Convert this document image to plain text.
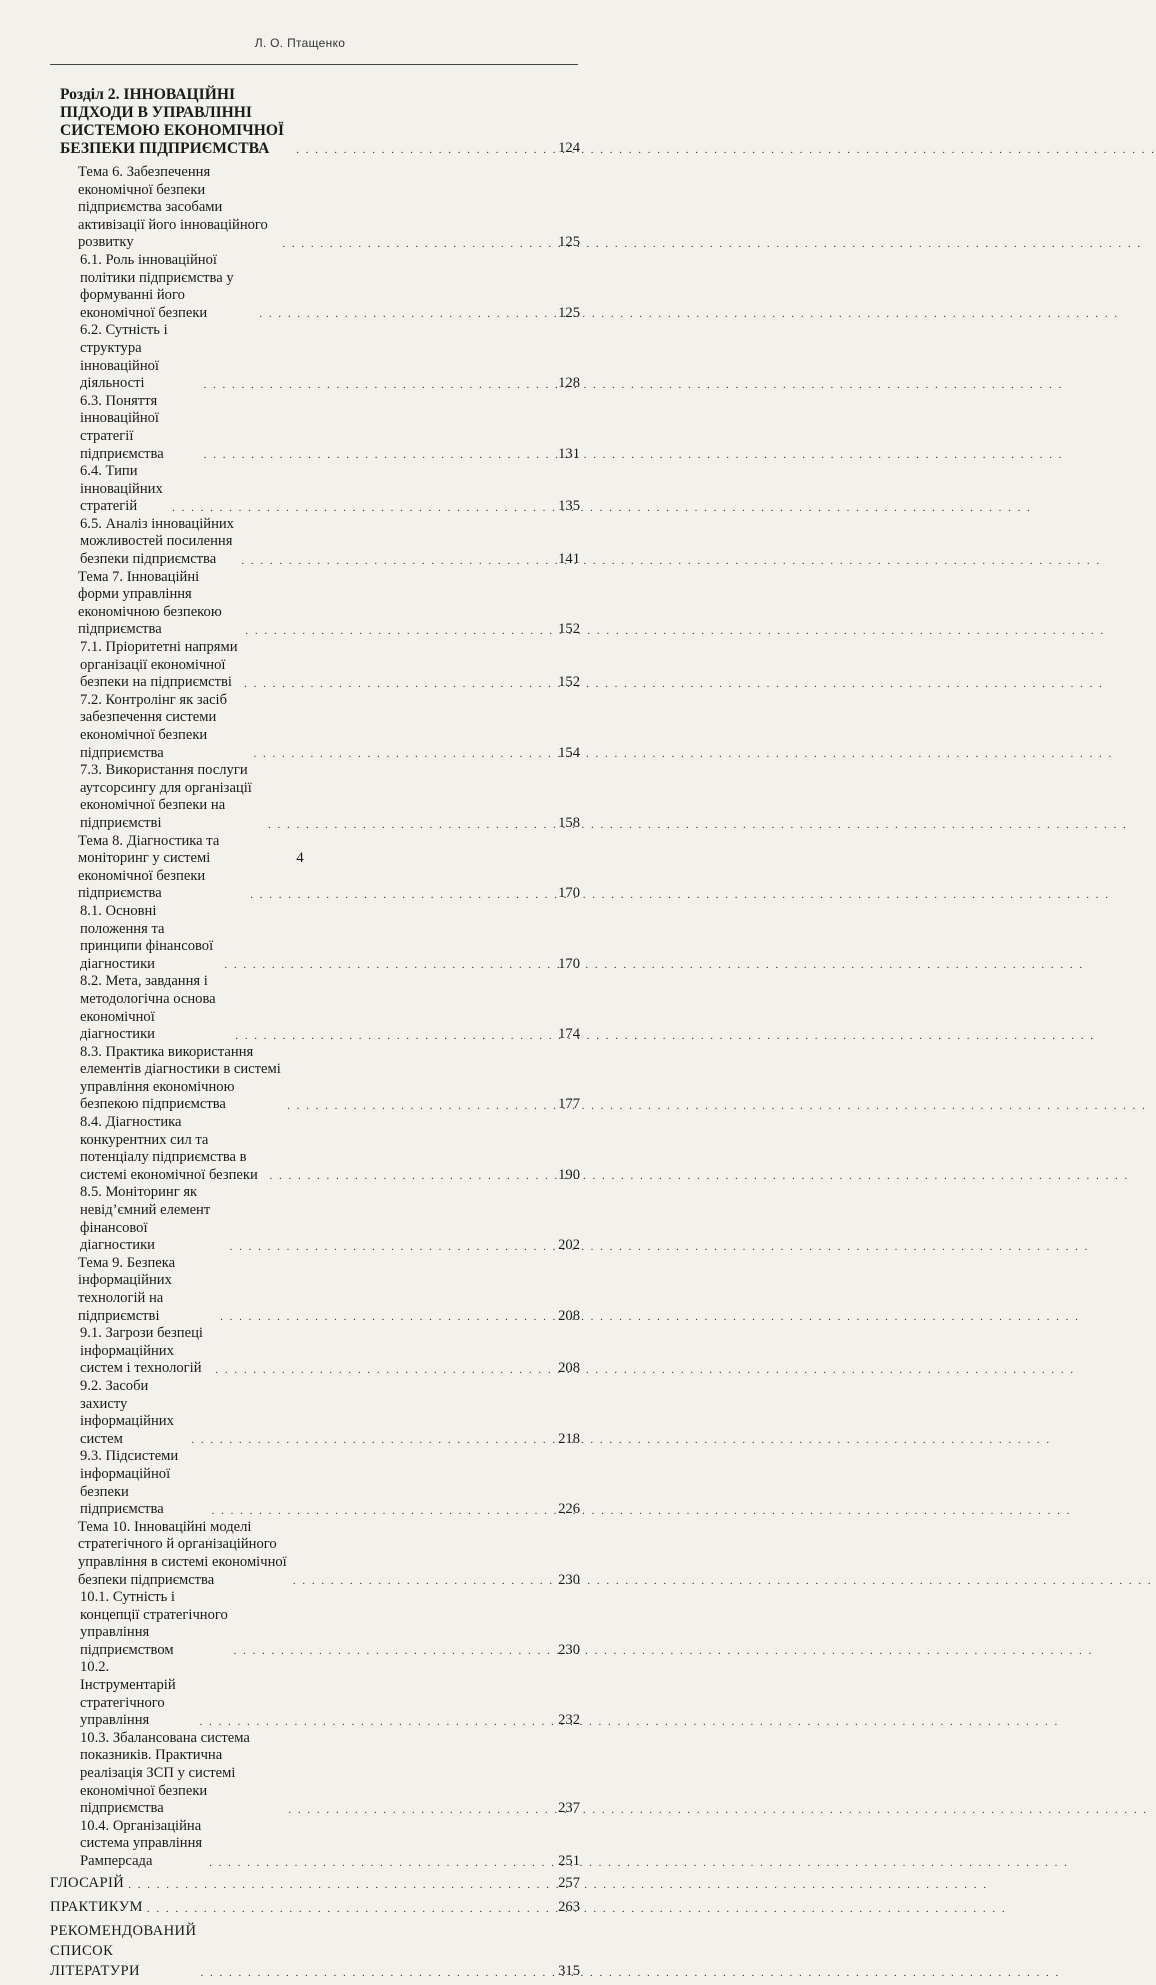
Л. О. Птащенко
Розділ 2. ІННОВАЦІЙНІ ПІДХОДИ В УПРАВЛІННІ СИСТЕМОЮ ЕКОНОМІЧНОЇ БЕЗПЕКИ ПІДПРИЄМСТВА . . .	124
Тема 6. Забезпечення економічної безпеки підприємства засобами активізації його інноваційного розвитку . . .	125
6.1. Роль інноваційної політики підприємства у формуванні його економічної безпеки . . .	125
6.2. Сутність і структура інноваційної діяльності . . .	128
6.3. Поняття інноваційної стратегії підприємства . . .	131
6.4. Типи інноваційних стратегій . . .	135
6.5. Аналіз інноваційних можливостей посилення безпеки підприємства . . .	141
Тема 7. Інноваційні форми управління економічною безпекою підприємства . . .	152
7.1. Пріоритетні напрями організації економічної безпеки на підприємстві . . .	152
7.2. Контролінг як засіб забезпечення системи економічної безпеки підприємства . . .	154
7.3. Використання послуги аутсорсингу для організації економічної безпеки на підприємстві . . .	158
Тема 8. Діагностика та моніторинг у системі економічної безпеки підприємства . . .	170
8.1. Основні положення та принципи фінансової діагностики . . .	170
8.2. Мета, завдання і методологічна основа економічної діагностики . . .	174
8.3. Практика використання елементів діагностики в системі управління економічною безпекою підприємства . . .	177
8.4. Діагностика конкурентних сил та потенціалу підприємства в системі економічної безпеки . . .	190
8.5. Моніторинг як невід’ємний елемент фінансової діагностики . . .	202
Тема 9. Безпека інформаційних технологій на підприємстві . . .	208
9.1. Загрози безпеці інформаційних систем і технологій . . .	208
9.2. Засоби захисту інформаційних систем . . .	218
9.3. Підсистеми інформаційної безпеки підприємства . . .	226
Тема 10. Інноваційні моделі стратегічного й організаційного управління в системі економічної безпеки підприємства . . .	230
10.1. Сутність і концепції стратегічного управління підприємством . . .	230
10.2. Інструментарій стратегічного управління . . .	232
10.3. Збалансована система показників. Практична реалізація ЗСП у системі економічної безпеки підприємства . . .	237
10.4. Організаційна система управління Рамперсада . . .	251
ГЛОСАРІЙ . . .	257
ПРАКТИКУМ . . .	263
РЕКОМЕНДОВАНИЙ СПИСОК ЛІТЕРАТУРИ . . .	315
4
